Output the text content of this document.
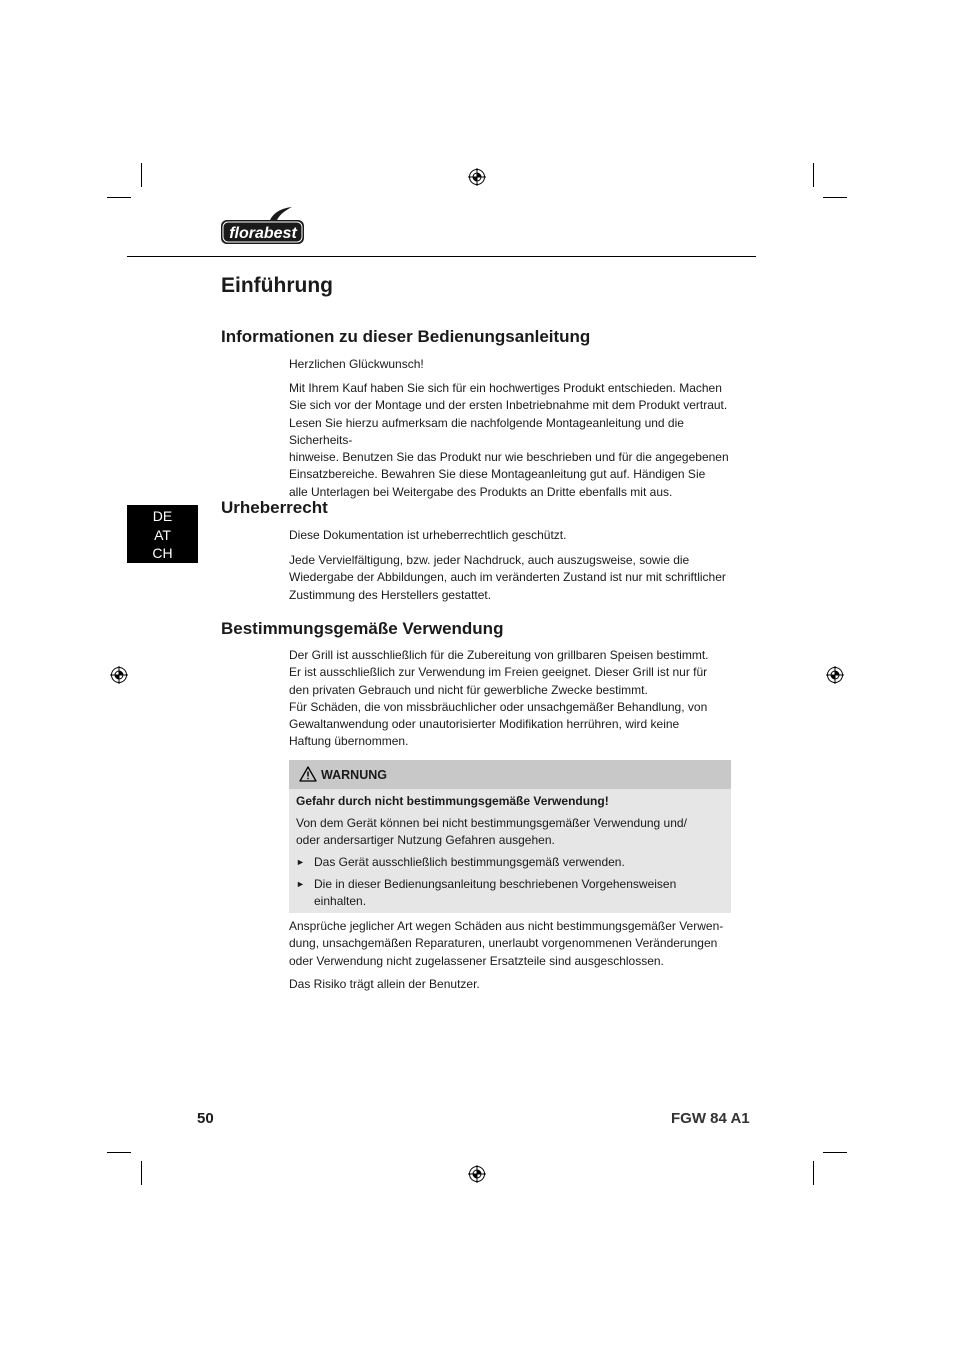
florabest
Einführung
Informationen zu dieser Bedienungsanleitung

Herzlichen Glückwunsch!

Mit Ihrem Kauf haben Sie sich für ein hochwertiges Produkt entschieden. Machen
Sie sich vor der Montage und der ersten Inbetriebnahme mit dem Produkt vertraut.
Lesen Sie hierzu aufmerksam die nachfolgende Montageanleitung und die Sicherheits-
hinweise. Benutzen Sie das Produkt nur wie beschrieben und für die angegebenen
Einsatzbereiche. Bewahren Sie diese Montageanleitung gut auf. Händigen Sie
alle Unterlagen bei Weitergabe des Produkts an Dritte ebenfalls mit aus.

DE
AT
CH
Urheberrecht

Diese Dokumentation ist urheberrechtlich geschützt.

Jede Vervielfältigung, bzw. jeder Nachdruck, auch auszugsweise, sowie die
Wiedergabe der Abbildungen, auch im veränderten Zustand ist nur mit schriftlicher
Zustimmung des Herstellers gestattet.

Bestimmungsgemäße Verwendung

Der Grill ist ausschließlich für die Zubereitung von grillbaren Speisen bestimmt.
Er ist ausschließlich zur Verwendung im Freien geeignet. Dieser Grill ist nur für
den privaten Gebrauch und nicht für gewerbliche Zwecke bestimmt.
Für Schäden, die von missbräuchlicher oder unsachgemäßer Behandlung, von
Gewaltanwendung oder unautorisierter Modifikation herrühren, wird keine
Haftung übernommen.

WARNUNG

Gefahr durch nicht bestimmungsgemäße Verwendung!

Von dem Gerät können bei nicht bestimmungsgemäßer Verwendung und/
oder andersartiger Nutzung Gefahren ausgehen.

► Das Gerät ausschließlich bestimmungsgemäß verwenden.

► Die in dieser Bedienungsanleitung beschriebenen Vorgehensweisen
einhalten.

Ansprüche jeglicher Art wegen Schäden aus nicht bestimmungsgemäßer Verwen-
dung, unsachgemäßen Reparaturen, unerlaubt vorgenommenen Veränderungen
oder Verwendung nicht zugelassener Ersatzteile sind ausgeschlossen.

Das Risiko trägt allein der Benutzer.

50	FGW 84 A1
